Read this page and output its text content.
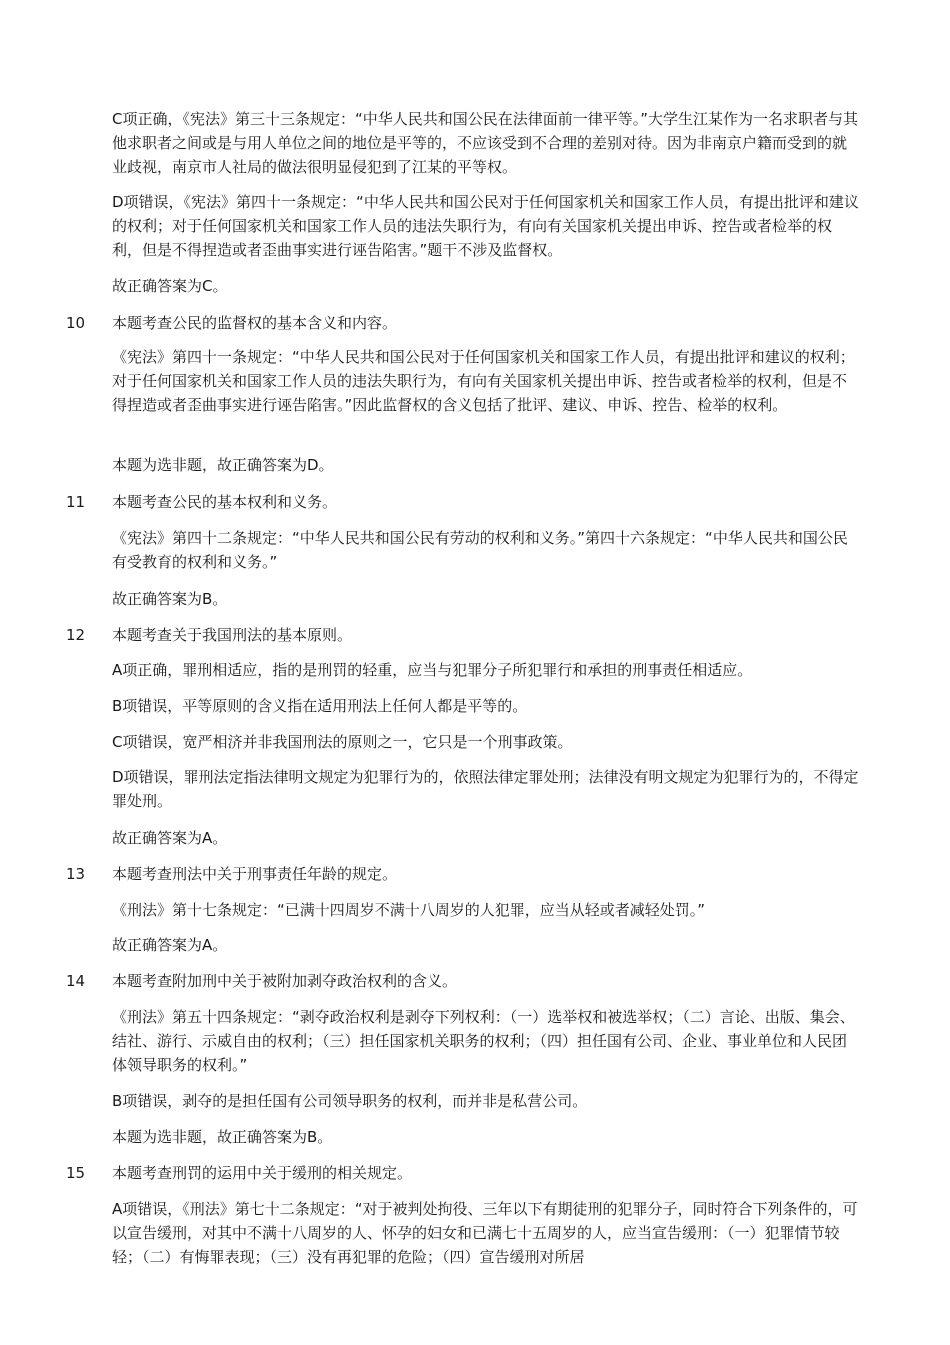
C项正确，《宪法》第三十三条规定：“中华人民共和国公民在法律面前一律平等。”大学生江某作为一名求职者与其他求职者之间或是与用人单位之间的地位是平等的，不应该受到不合理的差别对待。因为非南京户籍而受到的就业歧视，南京市人社局的做法很明显侵犯到了江某的平等权。
D项错误，《宪法》第四十一条规定：“中华人民共和国公民对于任何国家机关和国家工作人员，有提出批评和建议的权利；对于任何国家机关和国家工作人员的违法失职行为，有向有关国家机关提出申诉、控告或者检举的权利，但是不得捏造或者歪曲事实进行诬告陷害。”题干不涉及监督权。
故正确答案为C。
10 本题考查公民的监督权的基本含义和内容。
《宪法》第四十一条规定：“中华人民共和国公民对于任何国家机关和国家工作人员，有提出批评和建议的权利；对于任何国家机关和国家工作人员的违法失职行为，有向有关国家机关提出申诉、控告或者检举的权利，但是不得捏造或者歪曲事实进行诬告陷害。”因此监督权的含义包括了批评、建议、申诉、控告、检举的权利。
本题为选非题，故正确答案为D。
11 本题考查公民的基本权利和义务。
《宪法》第四十二条规定：“中华人民共和国公民有劳动的权利和义务。”第四十六条规定：“中华人民共和国公民有受教育的权利和义务。”
故正确答案为B。
12 本题考查关于我国刑法的基本原则。
A项正确，罪刑相适应，指的是刑罚的轻重，应当与犯罪分子所犯罪行和承担的刑事责任相适应。
B项错误，平等原则的含义指在适用刑法上任何人都是平等的。
C项错误，宽严相济并非我国刑法的原则之一，它只是一个刑事政策。
D项错误，罪刑法定指法律明文规定为犯罪行为的，依照法律定罪处刑；法律没有明文规定为犯罪行为的，不得定罪处刑。
故正确答案为A。
13 本题考查刑法中关于刑事责任年龄的规定。
《刑法》第十七条规定：“已满十四周岁不满十八周岁的人犯罪，应当从轻或者减轻处罚。”
故正确答案为A。
14 本题考查附加刑中关于被附加剥夺政治权利的含义。
《刑法》第五十四条规定：“剥夺政治权利是剥夺下列权利：（一）选举权和被选举权；（二）言论、出版、集会、结社、游行、示威自由的权利；（三）担任国家机关职务的权利；（四）担任国有公司、企业、事业单位和人民团体领导职务的权利。”
B项错误，剥夺的是担任国有公司领导职务的权利，而并非是私营公司。
本题为选非题，故正确答案为B。
15 本题考查刑罚的运用中关于缓刑的相关规定。
A项错误，《刑法》第七十二条规定：“对于被判处拘役、三年以下有期徒刑的犯罪分子，同时符合下列条件的，可以宣告缓刑，对其中不满十八周岁的人、怀孕的妇女和已满七十五周岁的人，应当宣告缓刑：（一）犯罪情节较轻；（二）有悔罪表现；（三）没有再犯罪的危险；（四）宣告缓刑对所居
